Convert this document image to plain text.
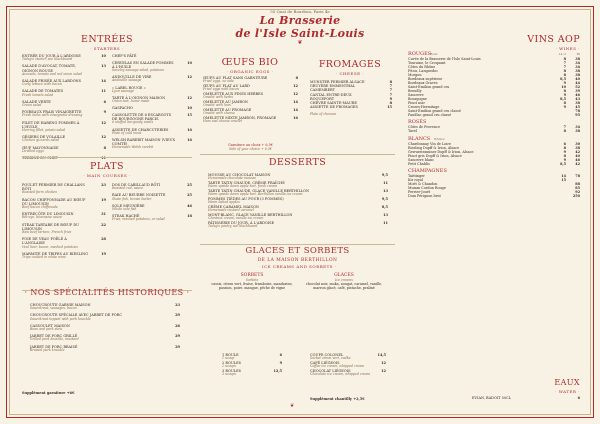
55 Quai de Bourbon, Paris 4e
La Brasserie
de l'Isle Saint-Louis
❦
ENTRÉES
· STARTERS ·
ENTRÉE DU JOUR À L'ARDOISE	10
Today's starter, see blackboard
SALADE D'AVOCAT, TOMATE, OIGNON ROUGE
13
Avocado, tomato and red onion salad
SALADE FRISÉE AUX LARDONS	14
Curly lettuce with bacon
SALADE DE TOMATES	11
Fresh tomato salad
SALADE VERTE	6
Green salad
POIREAUX FRAIS VINAIGRETTE	9
Fresh leeks with vinaigrette dressing
FILET DE HARENG POMMES À L'HUILE
12
Herring fillet, potato salad
GÉSIERS DE VOLAILLE	12
Chicken gizzards salad
ŒUF MAYONNAISE	8
Devilled eggs
TERRINE DU CHEF	11
CHEF'S PÂTÉ
CERVELAS EN SALADE POMMES À L'HUILE
10
Saveloy sausage salad, potatoes
ANDOUILLE DE VIRE	12
Andouille sausage
« LABEL ROUGE »
Lyon sausage
TARTE À L'OIGNON MAISON	12
Onion tart, home made
GASPACHO	10
CASSOLETTE DE 6 ESCARGOTS DE BOURGOGNE FARCIS
15
6 stuffed burgundy snails
ASSIETTE DE CHARCUTERIES	16
Plate of cold meat
WELSH RAREBIT MAISON (VIEUX COMTÉ)
16
Homemade Welsh rarebit
PLATS
· MAIN COURSES ·
POULET FERMIER DE CHALLANS RÔTI
23
Roasted farm chicken
BACON CHIFFONNADE AU BŒUF DU LIMOUSIN
19
Beef bacon chiffonade
ENTRECÔTE DU LIMOUSIN	31
Rib-eye, béarnaise sauce
STEAK TARTARE DE BŒUF DU LIMOUSIN
22
Raw beef tartare, French fries
FOIE DE VEAU POÊLÉ À L'ANGLAISE
28
Veal liver, bacon, mashed potatoes
MARMITE DE TRIPES AU RIESLING	19
Tripe cooked in white wine
DOS DE CABILLAUD RÔTI	25
Roasted cod, sauce
RAIE AU BEURRE NOISETTE	25
Skate fish, brown butter
SOLE MEUNIÈRE	46
Whole sole fish
STEAK HACHÉ	18
Fries, mashed potatoes, or salad
· NOS SPÉCIALITÉS HISTORIQUES ·
CHOUCROUTE GARNIE MAISON	23
Sauerkraut, sausages, bacon
CHOUCROUTE SPÉCIALE AVEC JARRET DE PORC	29
Sauerkraut topped with pork knuckle
CASSOULET MAISON	26
Bean and pork stew
JARRET DE PORC GRILLÉ	29
Grilled pork knuckle, mustard
JARRET DE PORC BRAISÉ	29
Braised pork knuckle
Supplément garniture +6€
ŒUFS BIO
· ORGANIC EGGS ·
ŒUFS AU PLAT SANS GARNITURE	8
Fried eggs, no side
ŒUFS AU PLAT AU LARD	12
Fried eggs with bacon
OMELETTE AUX FINES HERBES	12
Omelet with herbs
OMELETTE AU JAMBON	14
Omelet with ham
OMELETTE AU FROMAGE	14
Omelet with cheese
OMELETTE MIXTE JAMBON, FROMAGE	16
Ham and cheese omelet
Garniture au choix + 6,5€
Side of your choice + 6,5€
FROMAGES
· CHEESE ·
MUNSTER FERMIER ALSACE	8
GRUYÈRE EMMENTHAL	7
CAMEMBERT	7
CANTAL ENTRE-DEUX	7
ROQUEFORT	9
CHÈVRE SAINTE-MAURE	8
ASSIETTE DE FROMAGES	15
Plate of cheeses
DESSERTS
MOUSSE AU CHOCOLAT MAISON	9,5
Homemade chocolate mousse
TARTE TATIN CHAUDE, CRÈME FRAÎCHE	11
Warm upside down apple tart, fresh cream
TARTE TATIN CHAUDE, GLACE VANILLE BERTHILLON	13
Warm upside down apple tart, Berthillon vanilla ice cream
POMMES TIÈDES AU FOUR (3 POMMES)	9,5
Warm baked apples
CRÈME CARAMEL MAISON	8,5
Homemade custard caramel
MONT-BLANC, GLACE VANILLE BERTHILLON	13
Chestnut cream, vanilla ice cream
PÂTISSERIE DU JOUR, À L'ARDOISE	11
Today's pastry, see blackboard
GLACES ET SORBETS
DE LA MAISON BERTHILLON
· ICE CREAMS AND SORBETS ·
SORBETS
Sorbets
cassis, citron vert, fraise, framboise, mandarine, passion, poire, mangue, pêche de vigne
GLACES
Ice creams
chocolat noir, moka, nougat, caramel, vanille, marron glacé, café, pistache, praliné
1 BOULE	6
1 scoop
2 BOULES	9
2 scoops
3 BOULES	12,5
3 scoops
COUPE COLONEL	14,5
Sorbet citron vert, vodka
CAFÉ LIÉGEOIS	12
Coffee ice cream, whipped cream
CHOCOLAT LIÉGEOIS	12
Chocolate ice cream, whipped cream
Supplément chantilly +2,5€
VINS AOP
· WINES ·
ROUGES
Reds	14 cl	Bt
Cuvée de la Brasserie de l'Isle Saint-Louis	8	38
Touraine, le Croquant	7	34
Côtes du Rhône	7	34
Fitou, Languedoc	8	38
Morgon	8	38
Bordeaux supérieur	8,5	40
Bordeaux Graves	9	44
Saint-Émilion grand cru	10	52
Brouilly	8	39
Sancerre	9	46
Bourgogne	8,5	43
Pinot noir	8	38
Crozes-Hermitage	9	45
Saint-Émilion grand cru classé	78
Pauillac grand cru classé	95
ROSÉS
Côtes de Provence	7	34
Tavel	8	38
BLANCS Whites
Chardonnay Vin de Loire	6	30
Riesling Dopff & Irion, Alsace	8	38
Gewurztraminer Dopff & Irion, Alsace	9	42
Pinot gris Dopff & Irion, Alsace	8	40
Sancerre blanc	9	46
Petit Chablis	8,5	42
CHAMPAGNES
Taittinger	14	78
Kir royal	15
Moët & Chandon	88
Mumm Cordon Rouge	85
Perrier-Jouët	92
Dom Pérignon brut	250
EAUX
· WATER ·
EVIAN, BADOIT 50CL	6
❦
